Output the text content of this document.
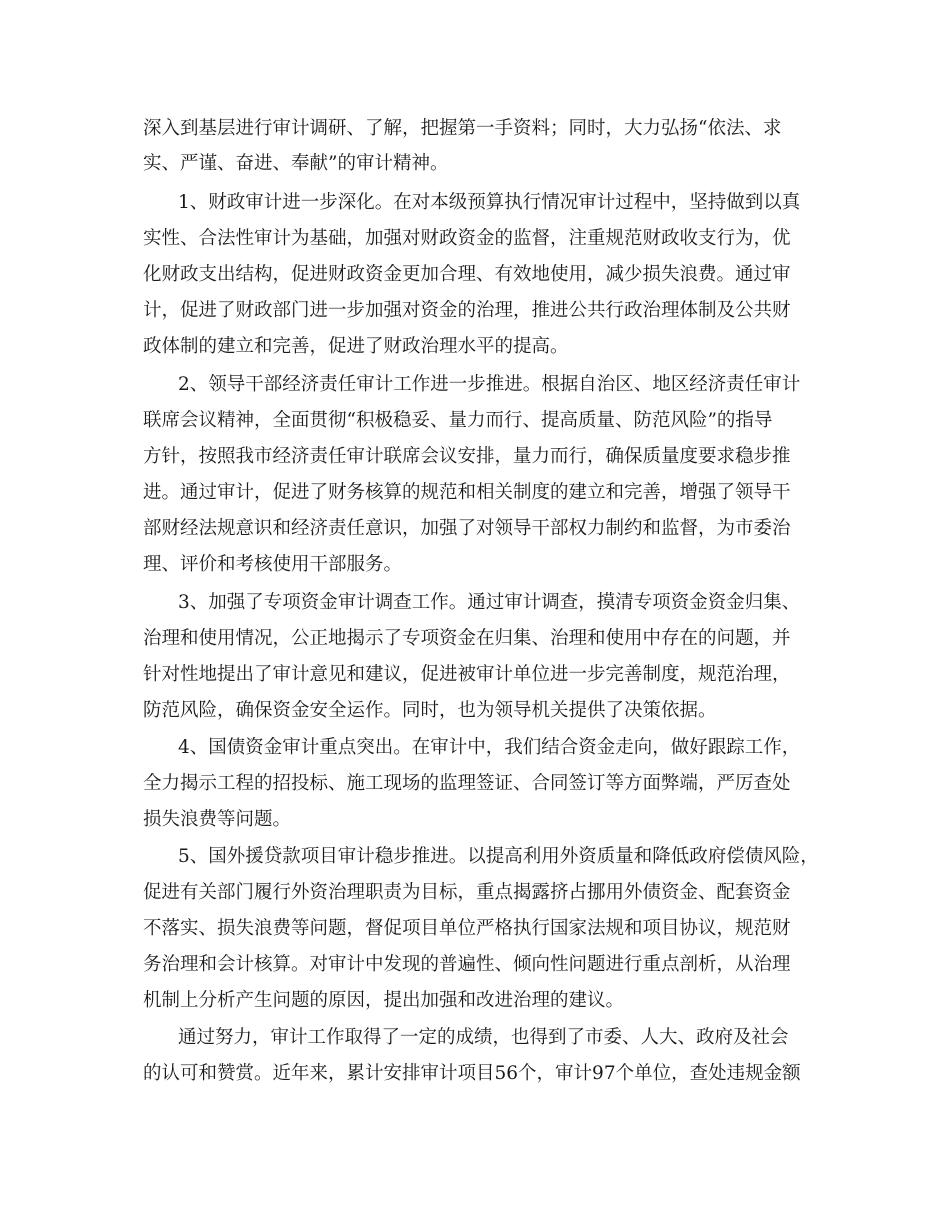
深入到基层进行审计调研、了解，把握第一手资料；同时，大力弘扬“依法、求
实、严谨、奋进、奉献”的审计精神。
1、财政审计进一步深化。在对本级预算执行情况审计过程中，坚持做到以真
实性、合法性审计为基础，加强对财政资金的监督，注重规范财政收支行为，优
化财政支出结构，促进财政资金更加合理、有效地使用，减少损失浪费。通过审
计，促进了财政部门进一步加强对资金的治理，推进公共行政治理体制及公共财
政体制的建立和完善，促进了财政治理水平的提高。
2、领导干部经济责任审计工作进一步推进。根据自治区、地区经济责任审计
联席会议精神，全面贯彻“积极稳妥、量力而行、提高质量、防范风险”的指导
方针，按照我市经济责任审计联席会议安排，量力而行，确保质量度要求稳步推
进。通过审计，促进了财务核算的规范和相关制度的建立和完善，增强了领导干
部财经法规意识和经济责任意识，加强了对领导干部权力制约和监督，为市委治
理、评价和考核使用干部服务。
3、加强了专项资金审计调查工作。通过审计调查，摸清专项资金资金归集、
治理和使用情况，公正地揭示了专项资金在归集、治理和使用中存在的问题，并
针对性地提出了审计意见和建议，促进被审计单位进一步完善制度，规范治理，
防范风险，确保资金安全运作。同时，也为领导机关提供了决策依据。
4、国债资金审计重点突出。在审计中，我们结合资金走向，做好跟踪工作，
全力揭示工程的招投标、施工现场的监理签证、合同签订等方面弊端，严厉查处
损失浪费等问题。
5、国外援贷款项目审计稳步推进。以提高利用外资质量和降低政府偿债风险，
促进有关部门履行外资治理职责为目标，重点揭露挤占挪用外债资金、配套资金
不落实、损失浪费等问题，督促项目单位严格执行国家法规和项目协议，规范财
务治理和会计核算。对审计中发现的普遍性、倾向性问题进行重点剖析，从治理
机制上分析产生问题的原因，提出加强和改进治理的建议。
通过努力，审计工作取得了一定的成绩，也得到了市委、人大、政府及社会
的认可和赞赏。近年来，累计安排审计项目56个，审计97个单位，查处违规金额
